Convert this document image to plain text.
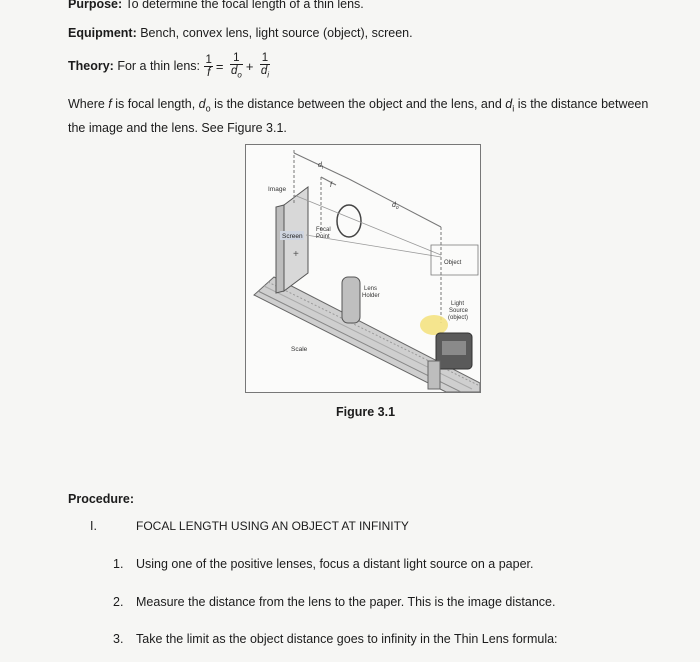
Purpose: To determine the focal length of a thin lens.
Equipment: Bench, convex lens, light source (object), screen.
Theory: For a thin lens: $\frac{1}{f} = \frac{1}{d_o} + \frac{1}{d_i}$
Where f is focal length, $d_o$ is the distance between the object and the lens, and $d_i$ is the distance between the image and the lens. See Figure 3.1.
+
Image
Screen
Focal
Point
Lens
Holder
Object
Light
Source
(object)
Scale
$d_i$
$d_o$
f
Figure 3.1
Procedure:
I.	FOCAL LENGTH USING AN OBJECT AT INFINITY
1. Using one of the positive lenses, focus a distant light source on a paper.
2. Measure the distance from the lens to the paper. This is the image distance.
3. Take the limit as the object distance goes to infinity in the Thin Lens formula:
